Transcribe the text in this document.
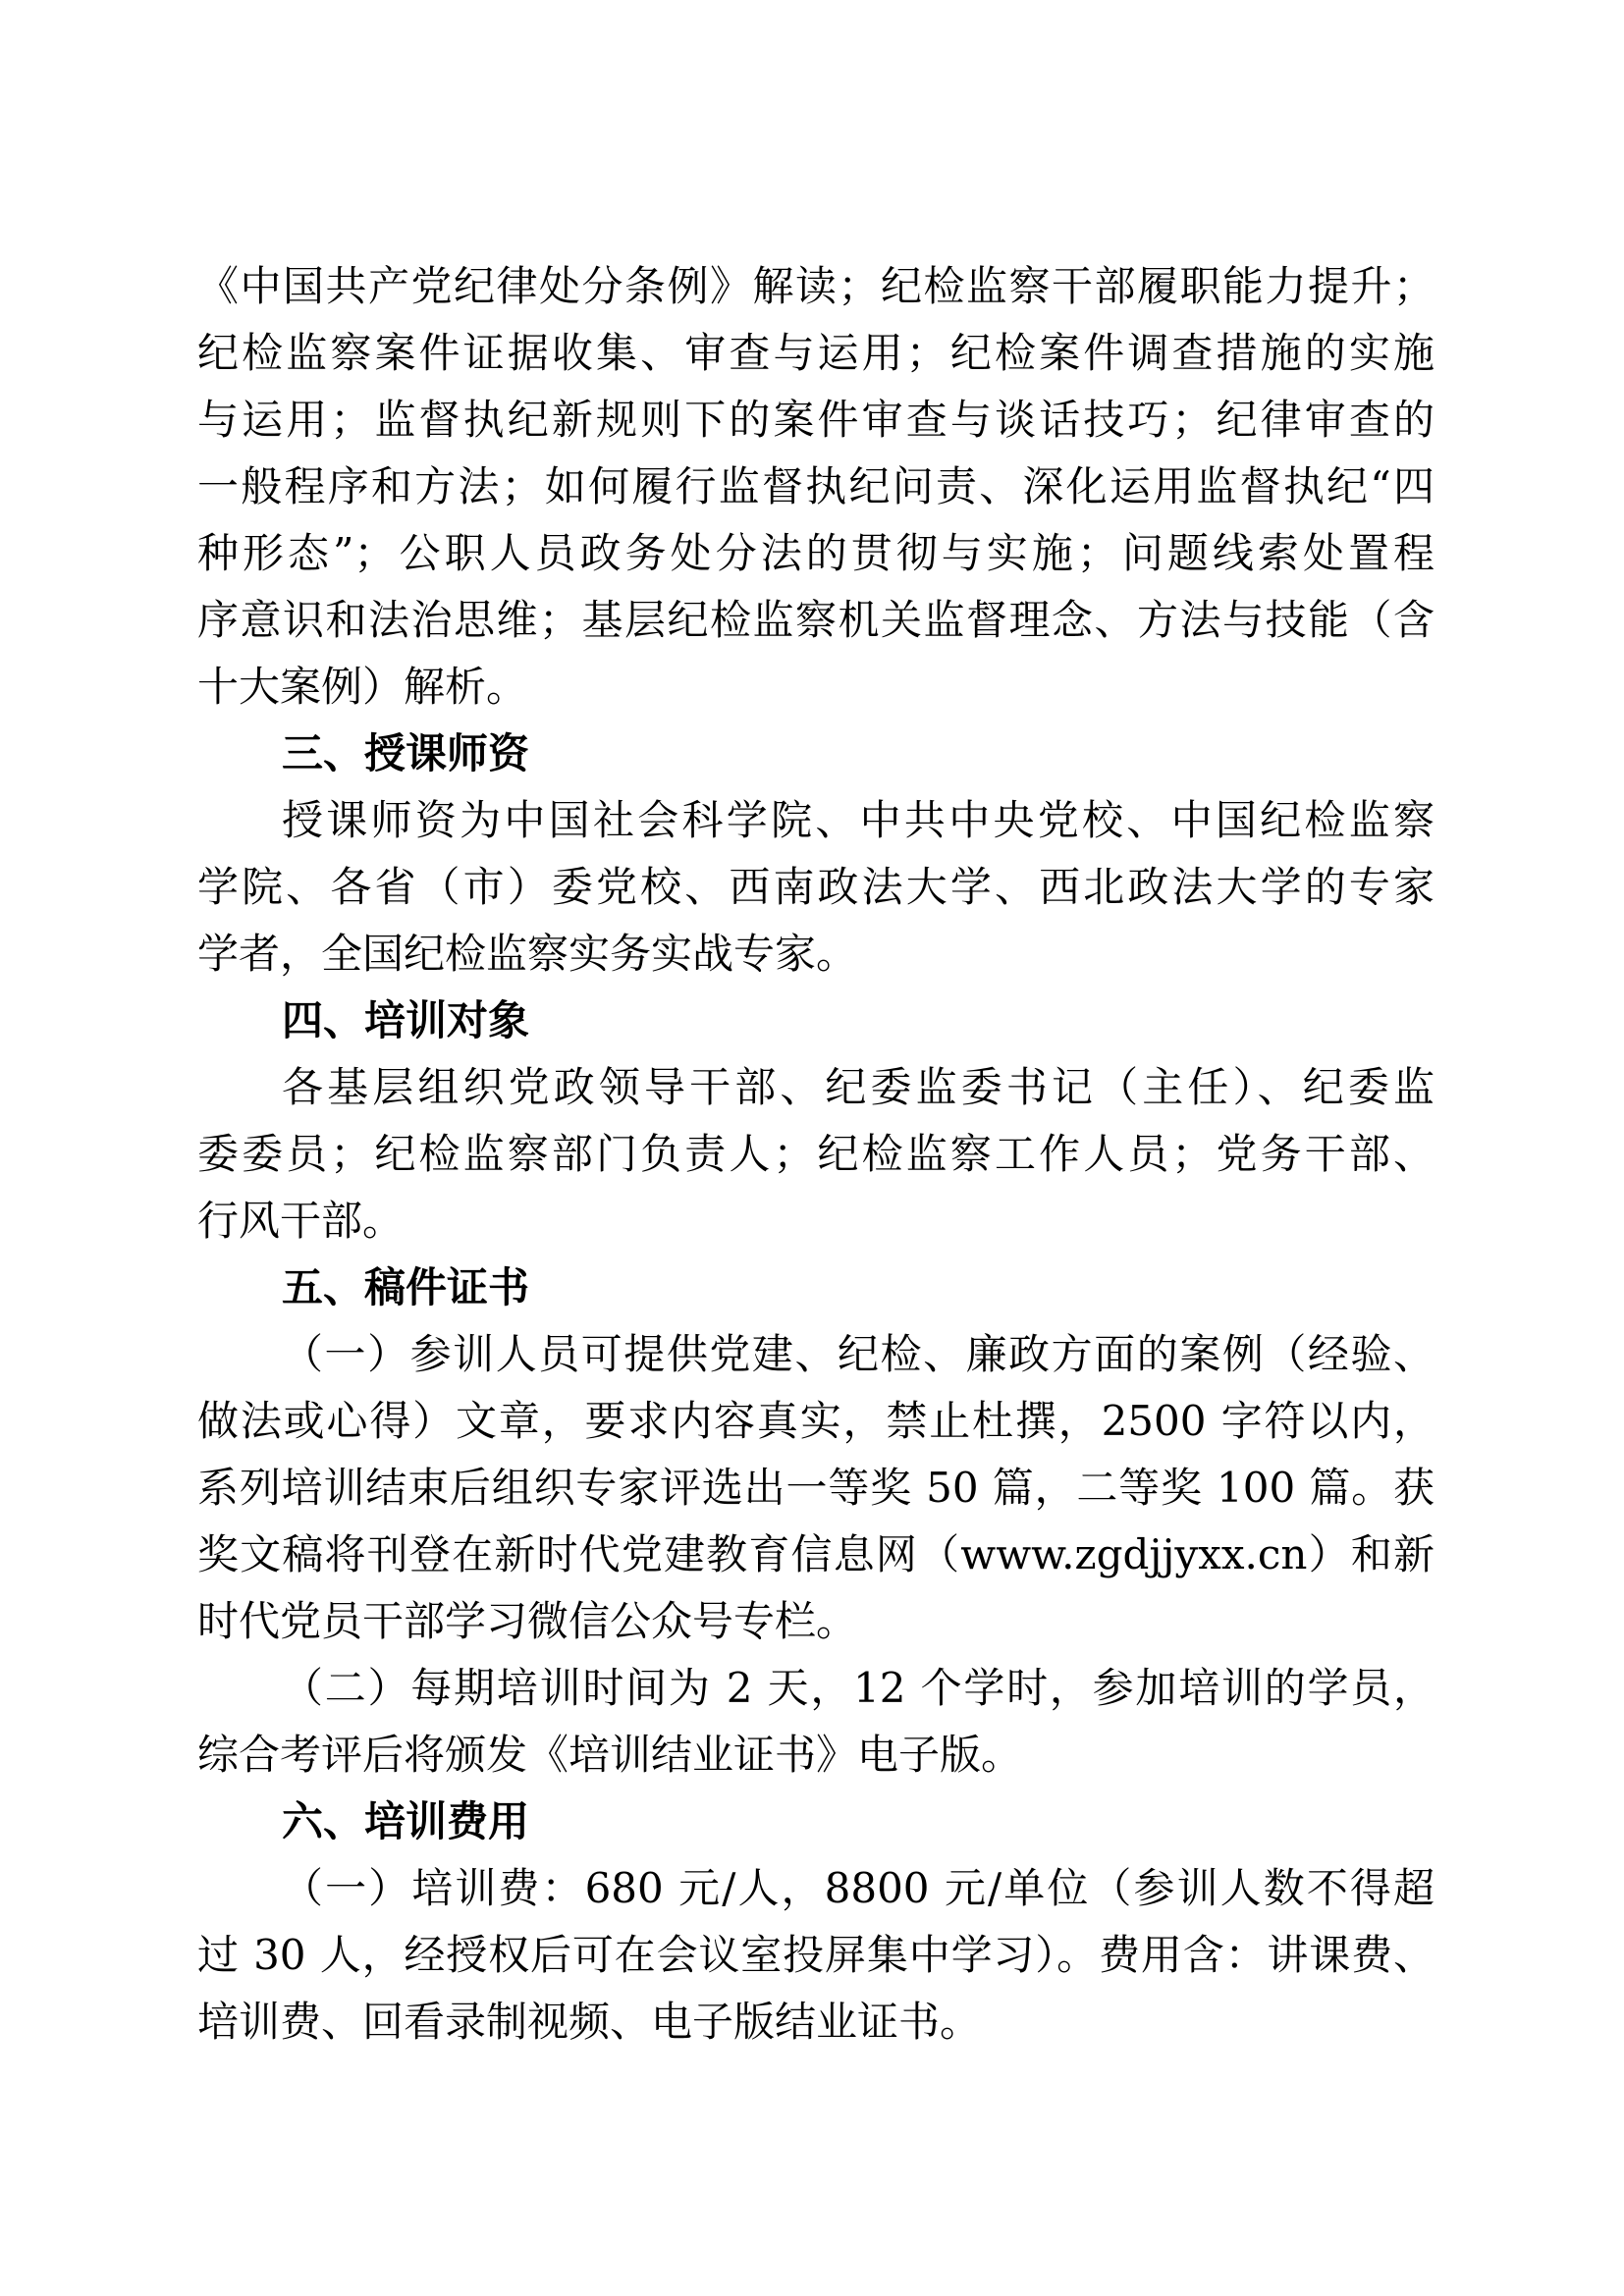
《中国共产党纪律处分条例》解读；纪检监察干部履职能力提升；
纪检监察案件证据收集、审查与运用；纪检案件调查措施的实施
与运用；监督执纪新规则下的案件审查与谈话技巧；纪律审查的
一般程序和方法；如何履行监督执纪问责、深化运用监督执纪“四
种形态”；公职人员政务处分法的贯彻与实施；问题线索处置程
序意识和法治思维；基层纪检监察机关监督理念、方法与技能（含
十大案例）解析。
三、授课师资
授课师资为中国社会科学院、中共中央党校、中国纪检监察
学院、各省（市）委党校、西南政法大学、西北政法大学的专家
学者，全国纪检监察实务实战专家。
四、培训对象
各基层组织党政领导干部、纪委监委书记（主任）、纪委监
委委员；纪检监察部门负责人；纪检监察工作人员；党务干部、
行风干部。
五、稿件证书
（一）参训人员可提供党建、纪检、廉政方面的案例（经验、
做法或心得）文章，要求内容真实，禁止杜撰，2500 字符以内，
系列培训结束后组织专家评选出一等奖 50 篇，二等奖 100 篇。获
奖文稿将刊登在新时代党建教育信息网（www.zgdjjyxx.cn）和新
时代党员干部学习微信公众号专栏。
（二）每期培训时间为 2 天，12 个学时，参加培训的学员，
综合考评后将颁发《培训结业证书》电子版。
六、培训费用
（一）培训费：680 元/人，8800 元/单位（参训人数不得超
过 30 人，经授权后可在会议室投屏集中学习）。费用含：讲课费、
培训费、回看录制视频、电子版结业证书。
